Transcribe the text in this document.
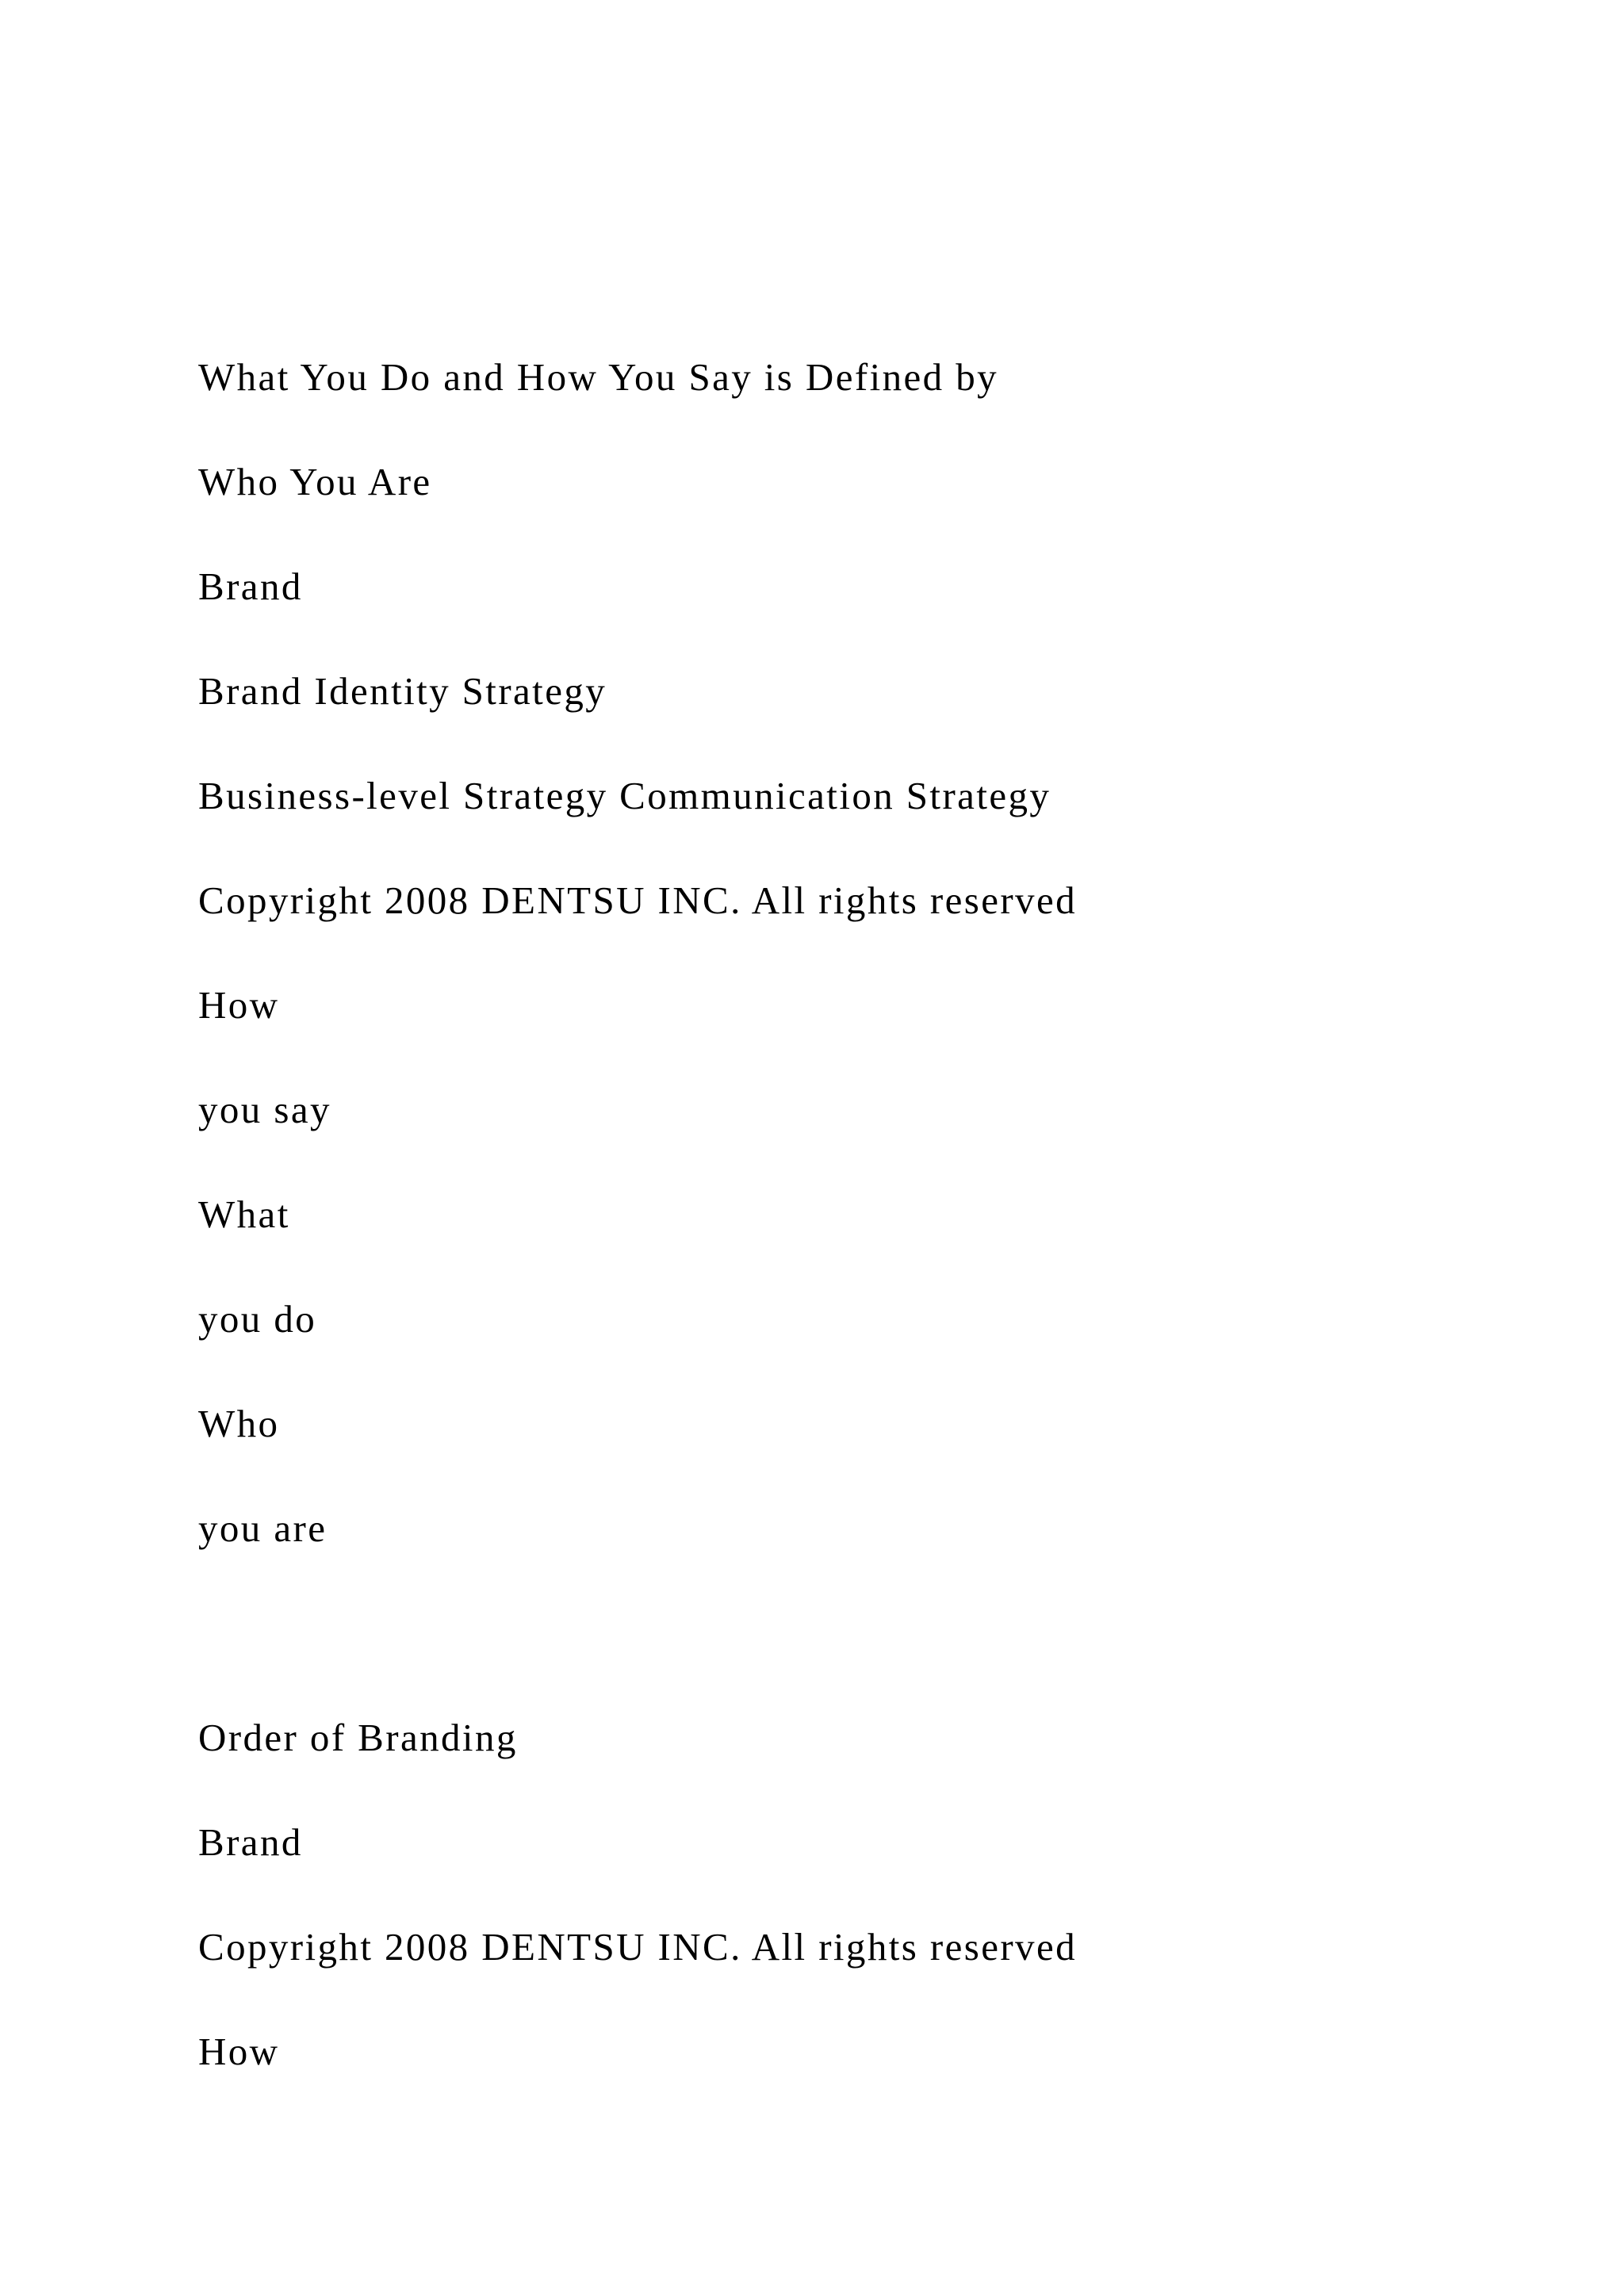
What You Do and How You Say is Defined by

Who You Are

Brand

Brand Identity Strategy

Business-level Strategy Communication Strategy

Copyright 2008 DENTSU INC. All rights reserved

How

you say

What

you do

Who

you are

Order of Branding

Brand

Copyright 2008 DENTSU INC. All rights reserved

How
